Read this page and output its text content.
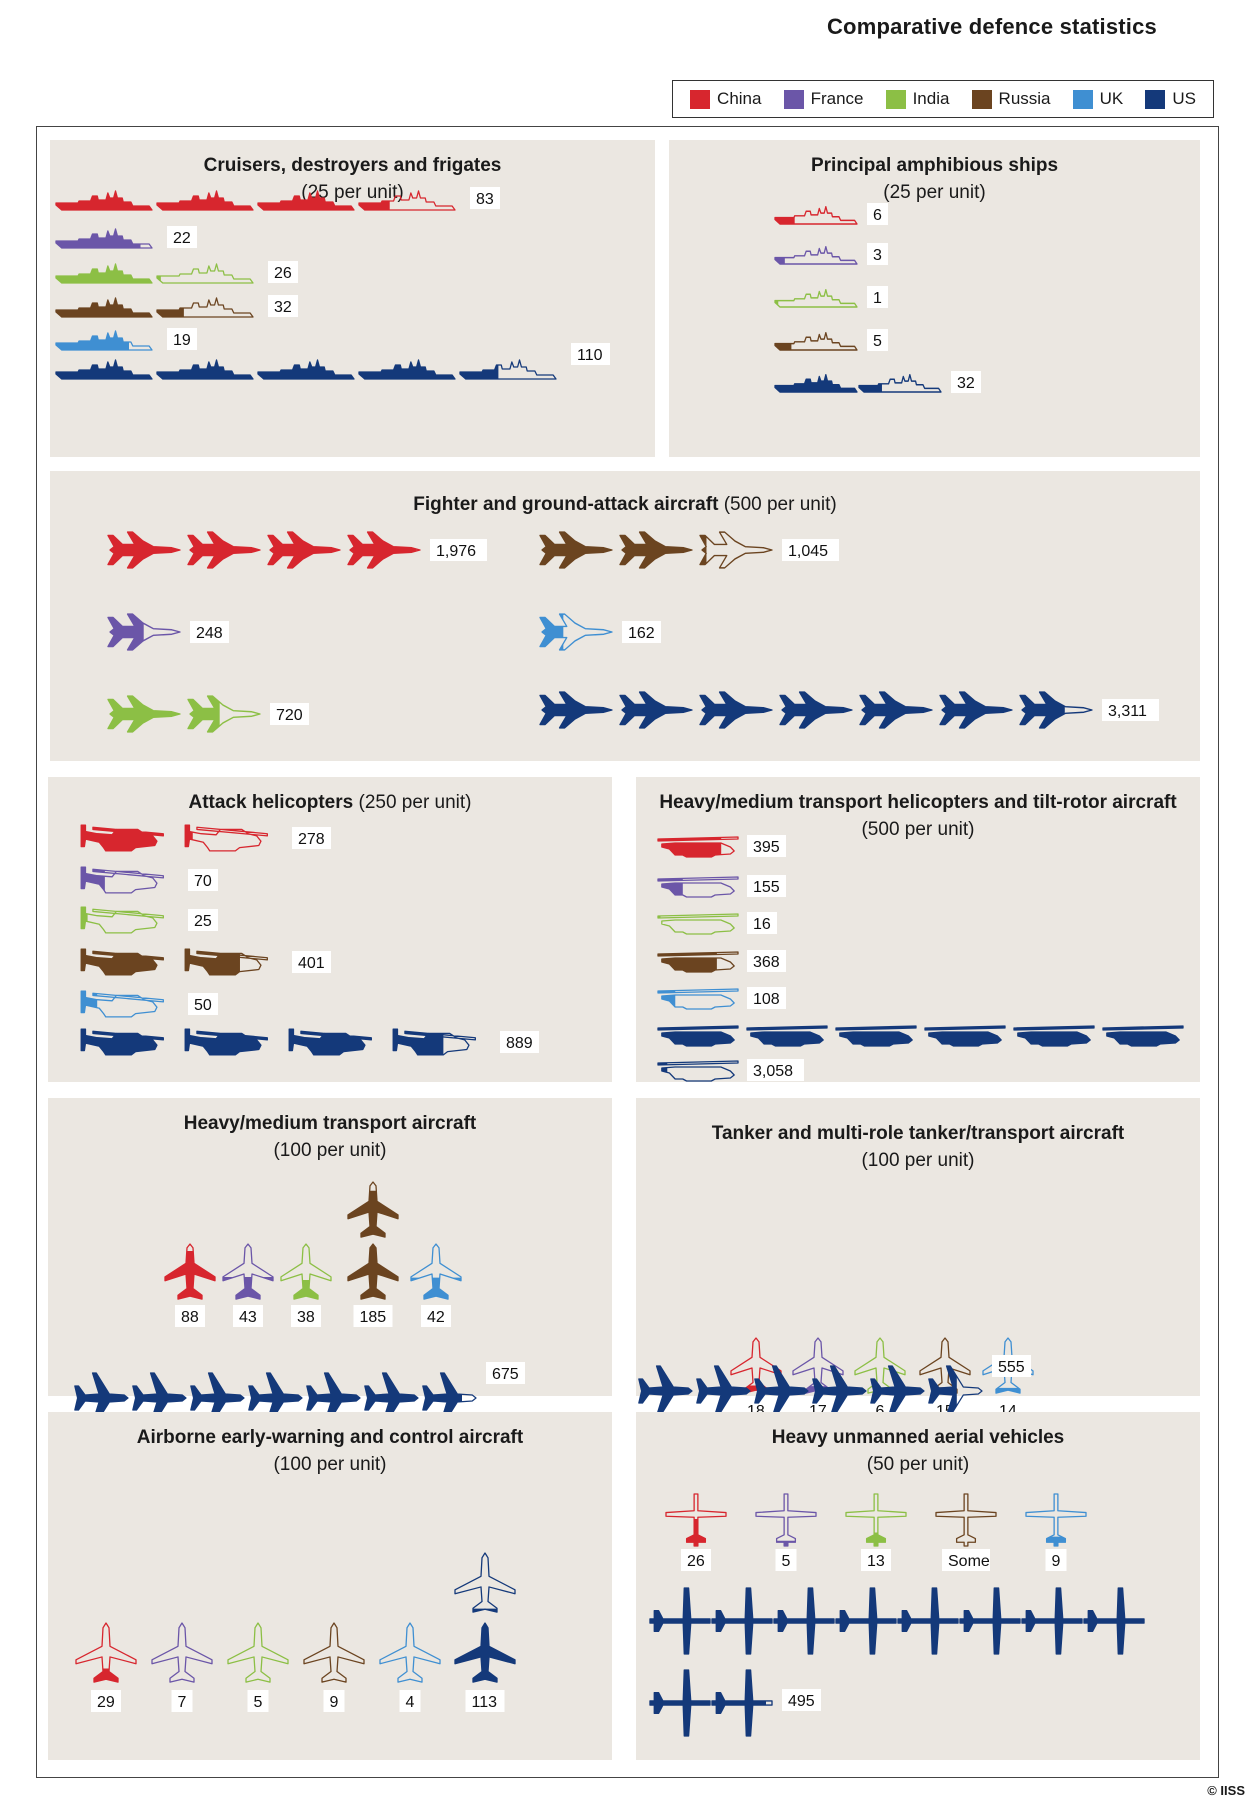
Comparative defence statistics
China	France	India	Russia	UK	US
Cruisers, destroyers and frigates
(25 per unit)	83
22
26
32
19
110
Principal amphibious ships
(25 per unit)
6
3
1
5
32
Fighter and ground-attack aircraft (500 per unit)
1,976
248
720
1,045
162
3,311
Attack helicopters (250 per unit)
278
70
25
401
50
889
Heavy/medium transport helicopters and tilt-rotor aircraft
(500 per unit)
395
155
16
368
108
3,058
Heavy/medium transport aircraft
(100 per unit)
88	43	38	185	42
675
Tanker and multi-role tanker/transport aircraft
(100 per unit)
555
Airborne early-warning and control aircraft
(100 per unit)
29	7	5	9	4	113
Heavy unmanned aerial vehicles
(50 per unit)
26	5	13	Some	9
495
© IISS
